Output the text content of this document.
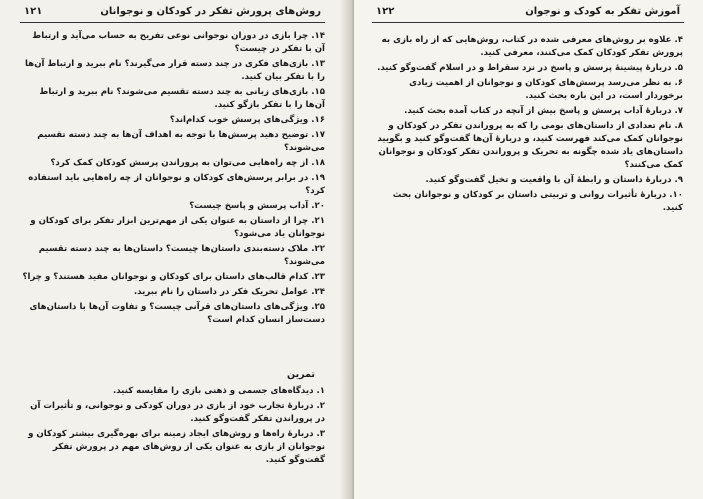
روش‌های پرورش تفکر در کودکان و نوجوانان
۱۲۱
۱۴. چرا بازی در دوران نوجوانی نوعی تفریح به حساب می‌آید و ارتباط آن با تفکر در چیست؟
۱۳. بازی‌های فکری در چند دسته قرار می‌گیرند؟ نام ببرید و ارتباط آن‌ها را با تفکر بیان کنید.
۱۵. بازی‌های زبانی به چند دسته تقسیم می‌شوند؟ نام ببرید و ارتباط آن‌ها را با تفکر بازگو کنید.
۱۶. ویژگی‌های پرسش خوب کدام‌اند؟
۱۷. توضیح دهید پرسش‌ها با توجه به اهداف آن‌ها به چند دسته تقسیم می‌شوند؟
۱۸. از چه راه‌هایی می‌توان به پروراندن پرسش کودکان کمک کرد؟
۱۹. در برابر پرسش‌های کودکان و نوجوانان از چه راه‌هایی باید استفاده کرد؟
۲۰. آداب پرسش و پاسخ چیست؟
۲۱. چرا از داستان به عنوان یکی از مهم‌ترین ابزار تفکر برای کودکان و نوجوانان یاد می‌شود؟
۲۲. ملاک دسته‌بندی داستان‌ها چیست؟ داستان‌ها به چند دسته تقسیم می‌شوند؟
۲۳. کدام قالب‌های داستان برای کودکان و نوجوانان مفید هستند؟ و چرا؟
۲۴. عوامل تحریک فکر در داستان را نام ببرید.
۲۵. ویژگی‌های داستان‌های قرآنی چیست؟ و تفاوت آن‌ها با داستان‌های دست‌ساز انسان کدام است؟
تمرین
۱. دیدگاه‌های جسمی و ذهنی بازی را مقایسه کنید.
۲. دربارهٔ تجارب خود از بازی در دوران کودکی و نوجوانی، و تأثیرات آن در پروراندن تفکر گفت‌وگو کنید.
۳. دربارهٔ راه‌ها و روش‌های ایجاد زمینه برای بهره‌گیری بیشتر کودکان و نوجوانان از بازی به عنوان یکی از روش‌های مهم در پرورش تفکر گفت‌وگو کنید.
آموزش تفکر به کودک و نوجوان
۱۲۲
۴. علاوه بر روش‌های معرفی شده در کتاب، روش‌هایی که از راه بازی به پرورش تفکر کودکان کمک می‌کنند، معرفی کنید.
۵. دربارهٔ پیشینهٔ پرسش و پاسخ در نزد سقراط و در اسلام گفت‌وگو کنید.
۶. به نظر می‌رسد پرسش‌های کودکان و نوجوانان از اهمیت زیادی برخوردار است، در این باره بحث کنید.
۷. دربارهٔ آداب پرسش و پاسخ بیش از آنچه در کتاب آمده بحث کنید.
۸. نام تعدادی از داستان‌های بومی را که به پروراندن تفکر در کودکان و نوجوانان کمک می‌کند فهرست کنید، و دربارهٔ آن‌ها گفت‌وگو کنید و بگویید داستان‌های یاد شده چگونه به تحریک و پروراندن تفکر کودکان و نوجوانان کمک می‌کنند؟
۹. دربارهٔ داستان و رابطهٔ آن با واقعیت و تخیل گفت‌وگو کنید.
۱۰. دربارهٔ تأثیرات روانی و تربیتی داستان بر کودکان و نوجوانان بحث کنید.
